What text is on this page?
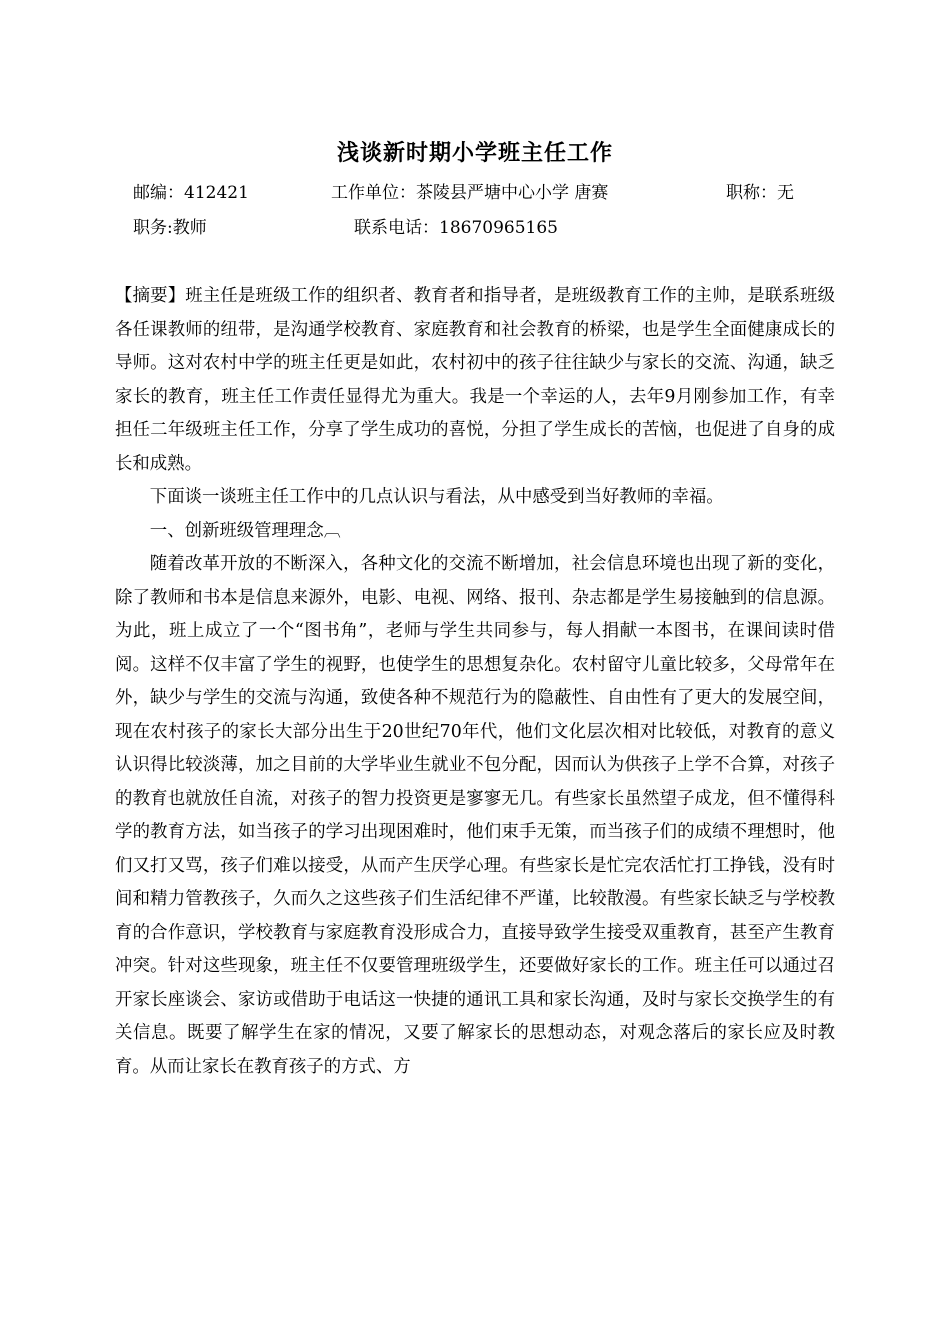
浅谈新时期小学班主任工作
邮编：412421	工作单位：茶陵县严塘中心小学 唐赛	职称：无
职务:教师	联系电话：18670965165

【摘要】班主任是班级工作的组织者、教育者和指导者，是班级教育工作的主帅，是联系班级各任课教师的纽带，是沟通学校教育、家庭教育和社会教育的桥梁，也是学生全面健康成长的导师。这对农村中学的班主任更是如此，农村初中的孩子往往缺少与家长的交流、沟通，缺乏家长的教育，班主任工作责任显得尤为重大。我是一个幸运的人，去年9月刚参加工作，有幸担任二年级班主任工作，分享了学生成功的喜悦，分担了学生成长的苦恼，也促进了自身的成长和成熟。

下面谈一谈班主任工作中的几点认识与看法，从中感受到当好教师的幸福。

一、创新班级管理理念︹

随着改革开放的不断深入，各种文化的交流不断增加，社会信息环境也出现了新的变化，除了教师和书本是信息来源外，电影、电视、网络、报刊、杂志都是学生易接触到的信息源。为此，班上成立了一个“图书角”，老师与学生共同参与，每人捐献一本图书，在课间读时借阅。这样不仅丰富了学生的视野，也使学生的思想复杂化。农村留守儿童比较多，父母常年在外，缺少与学生的交流与沟通，致使各种不规范行为的隐蔽性、自由性有了更大的发展空间，现在农村孩子的家长大部分出生于20世纪70年代，他们文化层次相对比较低，对教育的意义认识得比较淡薄，加之目前的大学毕业生就业不包分配，因而认为供孩子上学不合算，对孩子的教育也就放任自流，对孩子的智力投资更是寥寥无几。有些家长虽然望子成龙，但不懂得科学的教育方法，如当孩子的学习出现困难时，他们束手无策，而当孩子们的成绩不理想时，他们又打又骂，孩子们难以接受，从而产生厌学心理。有些家长是忙完农活忙打工挣钱，没有时间和精力管教孩子，久而久之这些孩子们生活纪律不严谨，比较散漫。有些家长缺乏与学校教育的合作意识，学校教育与家庭教育没形成合力，直接导致学生接受双重教育，甚至产生教育冲突。针对这些现象，班主任不仅要管理班级学生，还要做好家长的工作。班主任可以通过召开家长座谈会、家访或借助于电话这一快捷的通讯工具和家长沟通，及时与家长交换学生的有关信息。既要了解学生在家的情况，又要了解家长的思想动态，对观念落后的家长应及时教育。从而让家长在教育孩子的方式、方
